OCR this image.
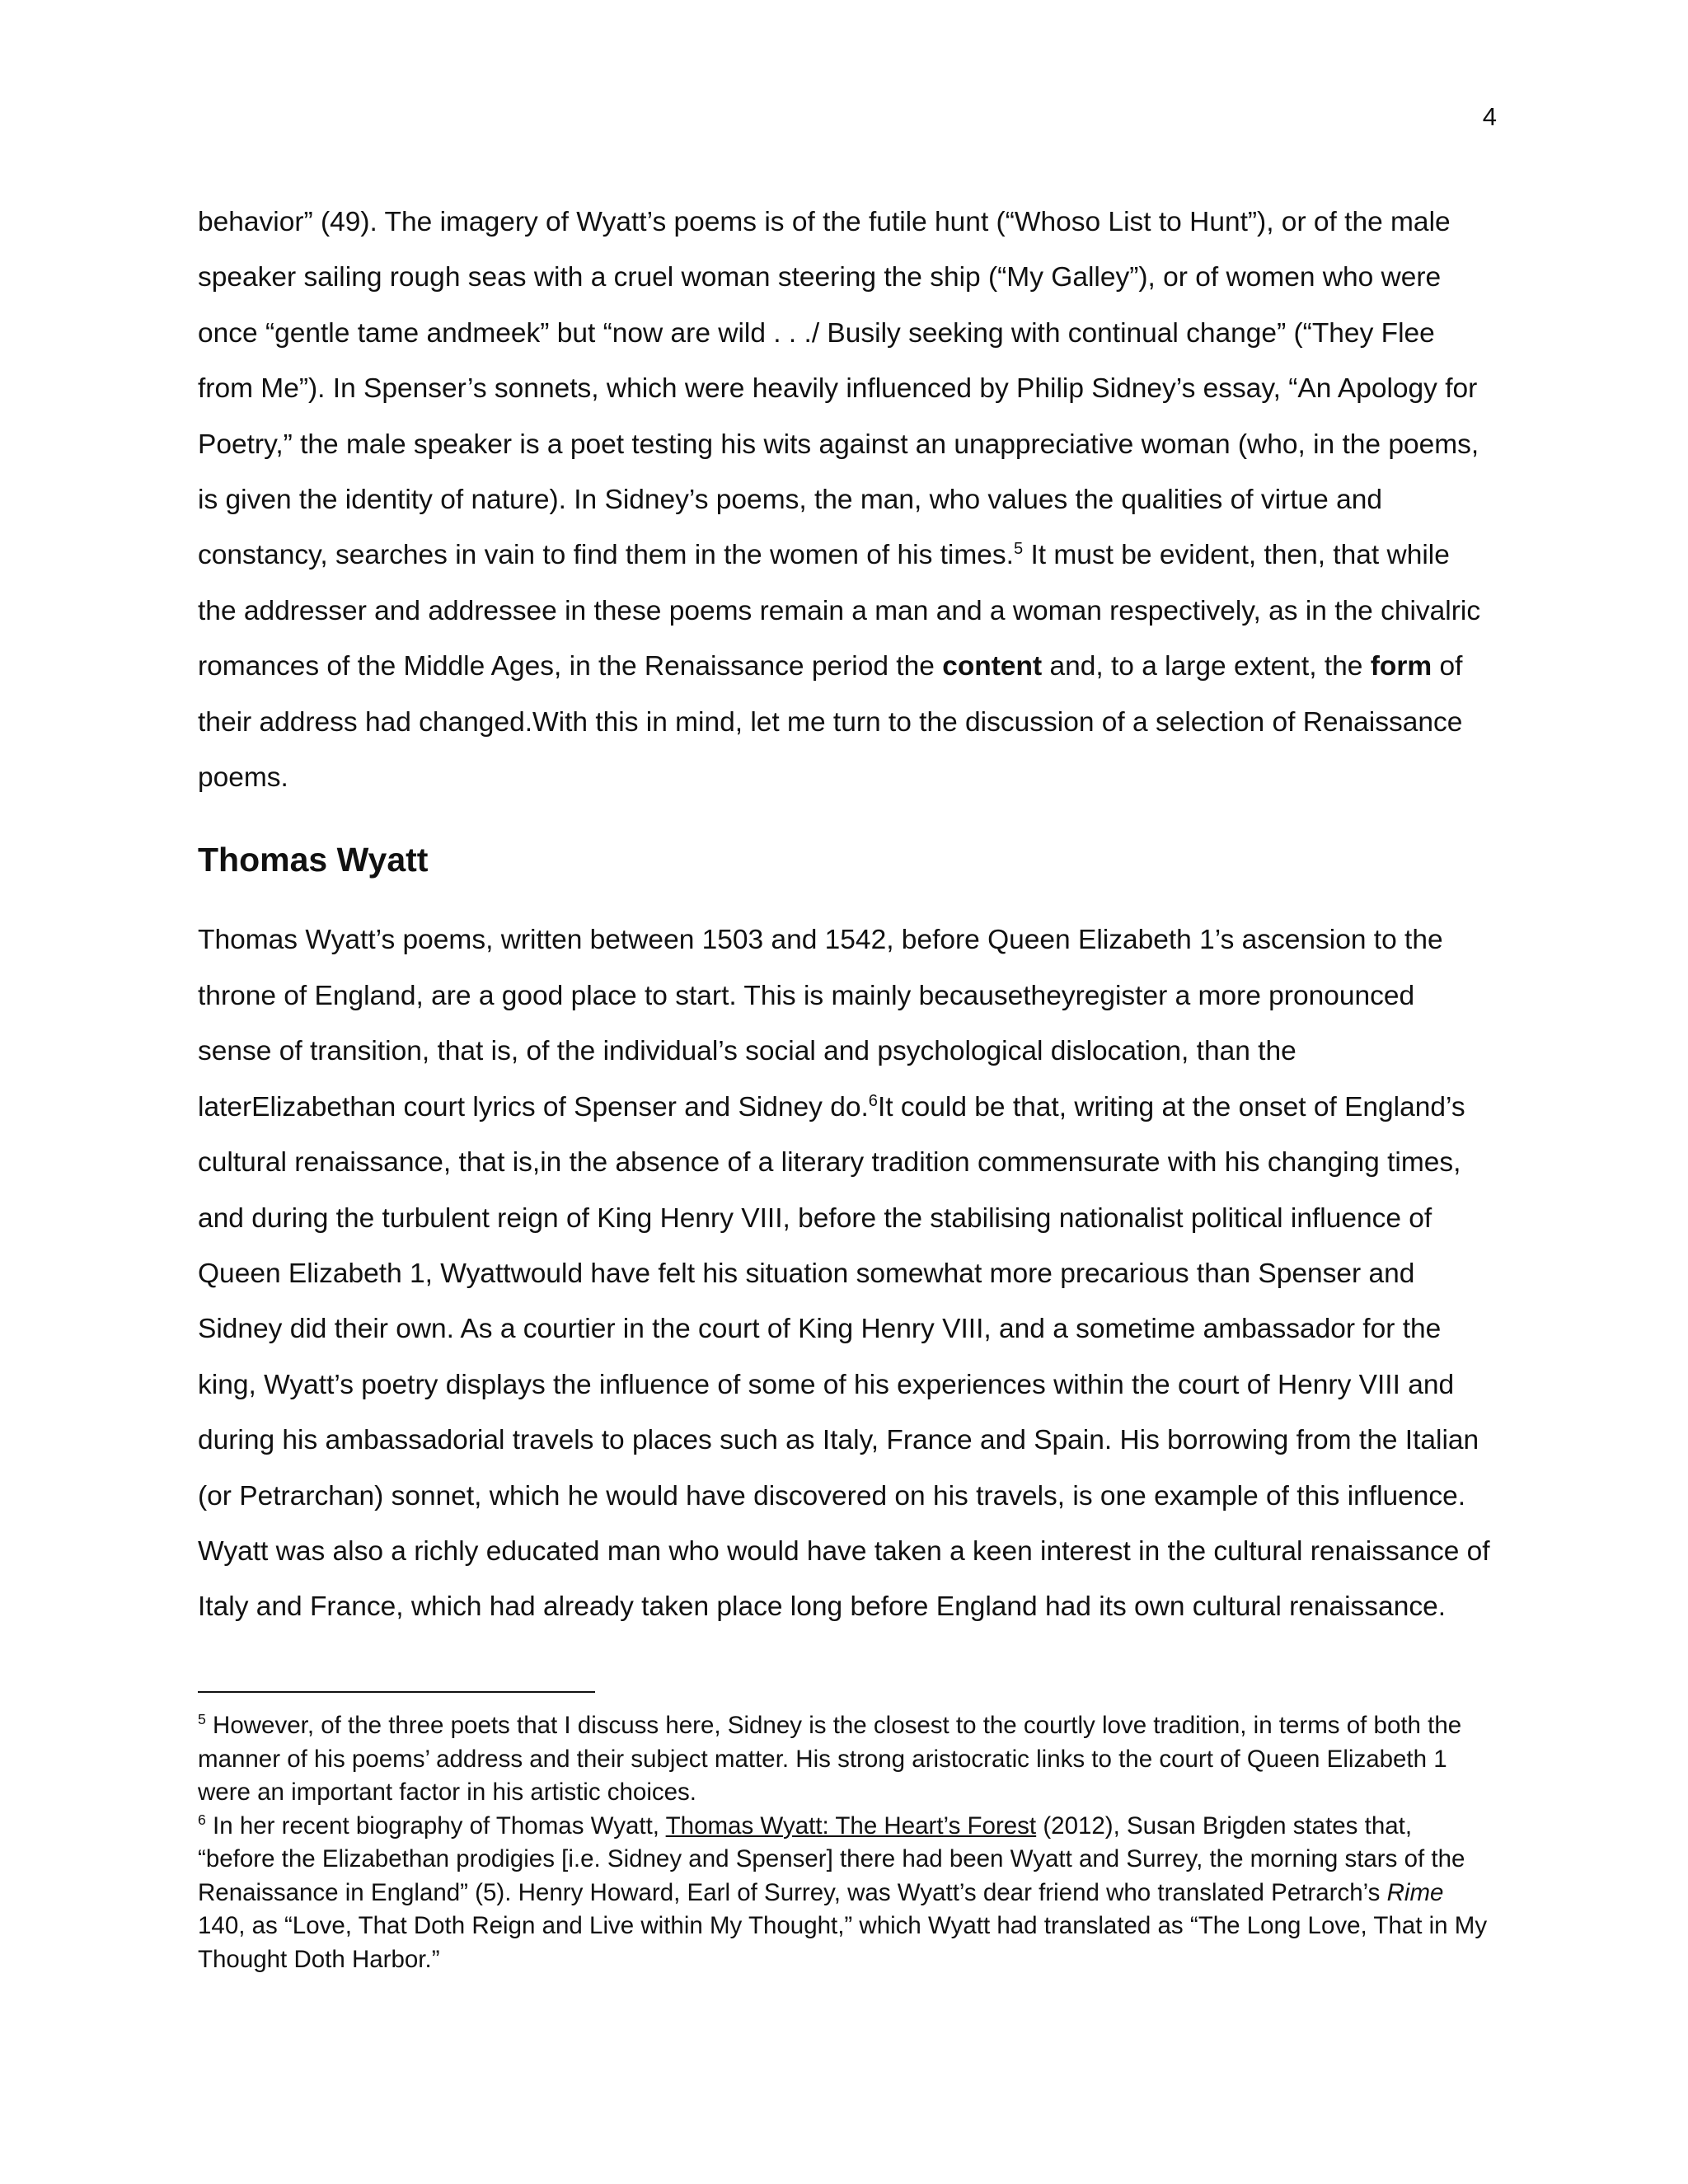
4

behavior” (49). The imagery of Wyatt’s poems is of the futile hunt (“Whoso List to Hunt”), or of the male speaker sailing rough seas with a cruel woman steering the ship (“My Galley”), or of women who were once “gentle tame andmeek” but “now are wild . . ./ Busily seeking with continual change” (“They Flee from Me”). In Spenser’s sonnets, which were heavily influenced by Philip Sidney’s essay, “An Apology for Poetry,” the male speaker is a poet testing his wits against an unappreciative woman (who, in the poems, is given the identity of nature). In Sidney’s poems, the man, who values the qualities of virtue and constancy, searches in vain to find them in the women of his times.$^5$ It must be evident, then, that while the addresser and addressee in these poems remain a man and a woman respectively, as in the chivalric romances of the Middle Ages, in the Renaissance period the content and, to a large extent, the form of their address had changed.With this in mind, let me turn to the discussion of a selection of Renaissance poems.

Thomas Wyatt

Thomas Wyatt’s poems, written between 1503 and 1542, before Queen Elizabeth 1’s ascension to the throne of England, are a good place to start. This is mainly becausetheyregister a more pronounced sense of transition, that is, of the individual’s social and psychological dislocation, than the laterElizabethan court lyrics of Spenser and Sidney do.$^6$It could be that, writing at the onset of England’s cultural renaissance, that is,in the absence of a literary tradition commensurate with his changing times, and during the turbulent reign of King Henry VIII, before the stabilising nationalist political influence of Queen Elizabeth 1, Wyattwould have felt his situation somewhat more precarious than Spenser and Sidney did their own. As a courtier in the court of King Henry VIII, and a sometime ambassador for the king, Wyatt’s poetry displays the influence of some of his experiences within the court of Henry VIII and during his ambassadorial travels to places such as Italy, France and Spain. His borrowing from the Italian (or Petrarchan) sonnet, which he would have discovered on his travels, is one example of this influence. Wyatt was also a richly educated man who would have taken a keen interest in the cultural renaissance of Italy and France, which had already taken place long before England had its own cultural renaissance.

$^5$ However, of the three poets that I discuss here, Sidney is the closest to the courtly love tradition, in terms of both the manner of his poems’ address and their subject matter. His strong aristocratic links to the court of Queen Elizabeth 1 were an important factor in his artistic choices.

$^6$ In her recent biography of Thomas Wyatt, Thomas Wyatt: The Heart’s Forest (2012), Susan Brigden states that, “before the Elizabethan prodigies [i.e. Sidney and Spenser] there had been Wyatt and Surrey, the morning stars of the Renaissance in England” (5). Henry Howard, Earl of Surrey, was Wyatt’s dear friend who translated Petrarch’s Rime 140, as “Love, That Doth Reign and Live within My Thought,” which Wyatt had translated as “The Long Love, That in My Thought Doth Harbor.”
